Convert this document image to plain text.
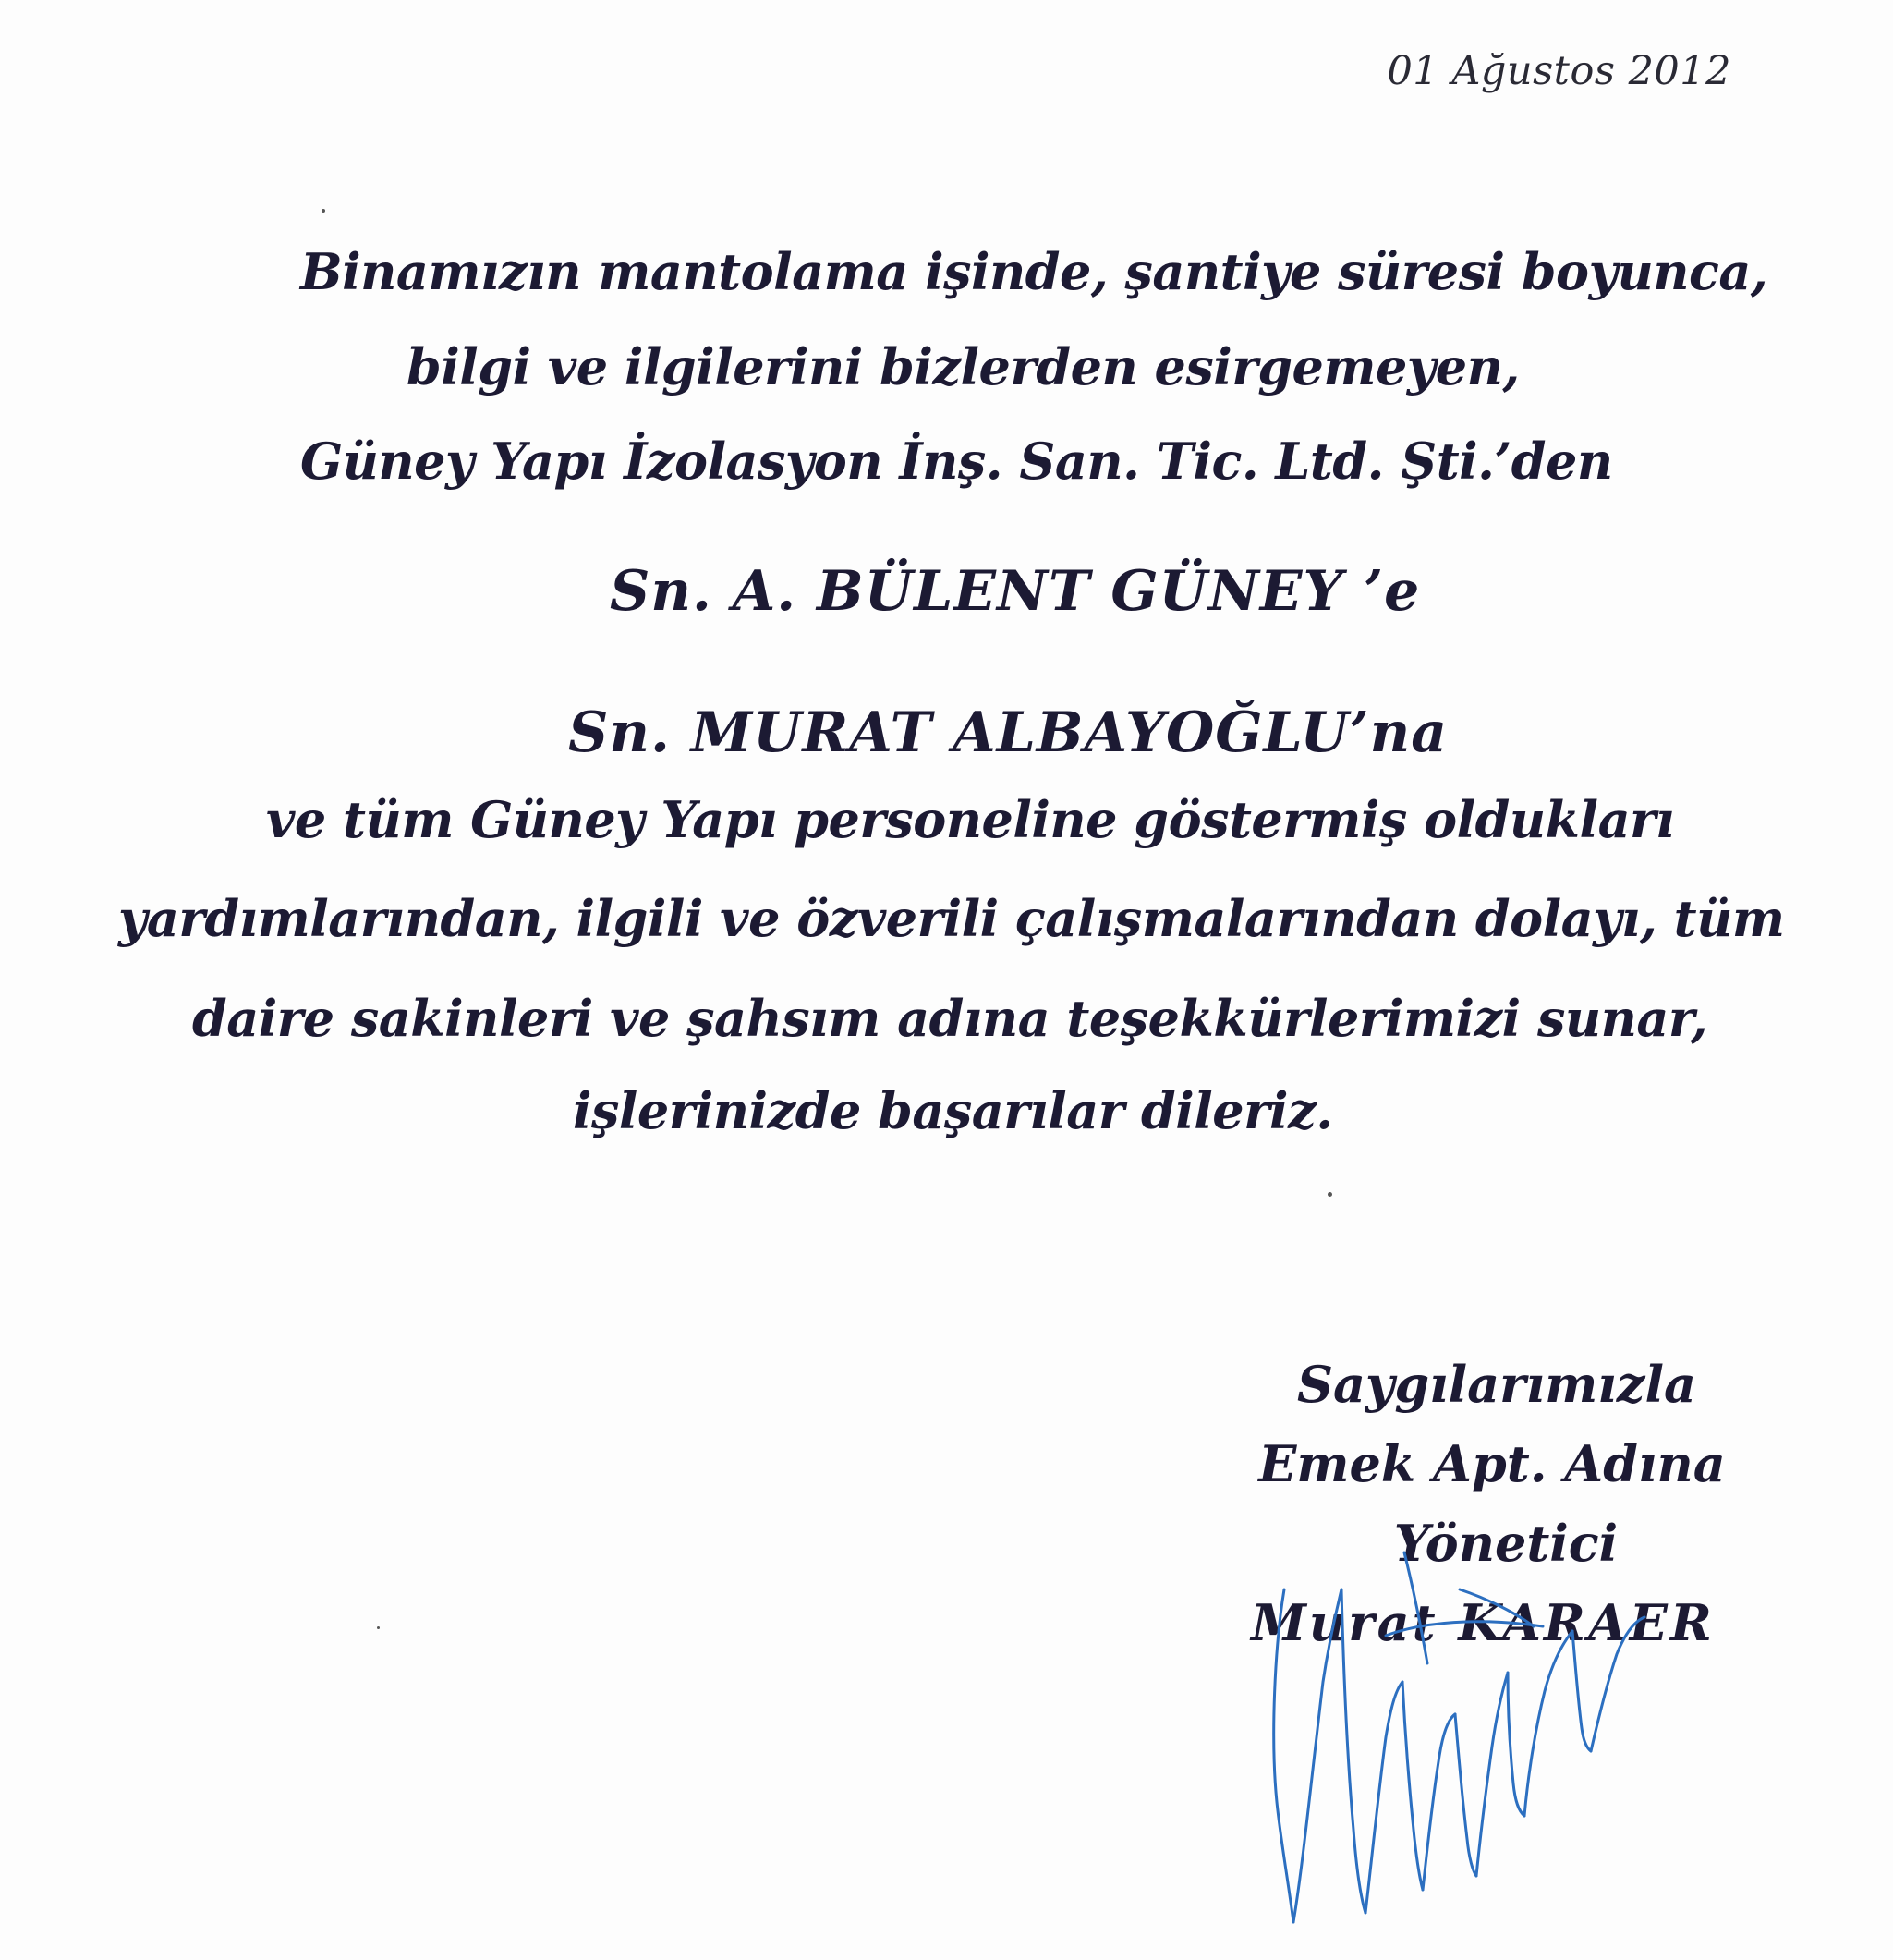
01 Ağustos 2012
Binamızın mantolama işinde, şantiye süresi boyunca,
bilgi ve ilgilerini bizlerden esirgemeyen,
Güney Yapı İzolasyon İnş. San. Tic. Ltd. Şti.’den
Sn. A. BÜLENT GÜNEY ’e
Sn. MURAT ALBAYOĞLU’na
ve tüm Güney Yapı personeline göstermiş oldukları
yardımlarından, ilgili ve özverili çalışmalarından dolayı, tüm
daire sakinleri ve şahsım adına teşekkürlerimizi sunar,
işlerinizde başarılar dileriz.
Saygılarımızla
Emek Apt. Adına
Yönetici
Murat KARAER
